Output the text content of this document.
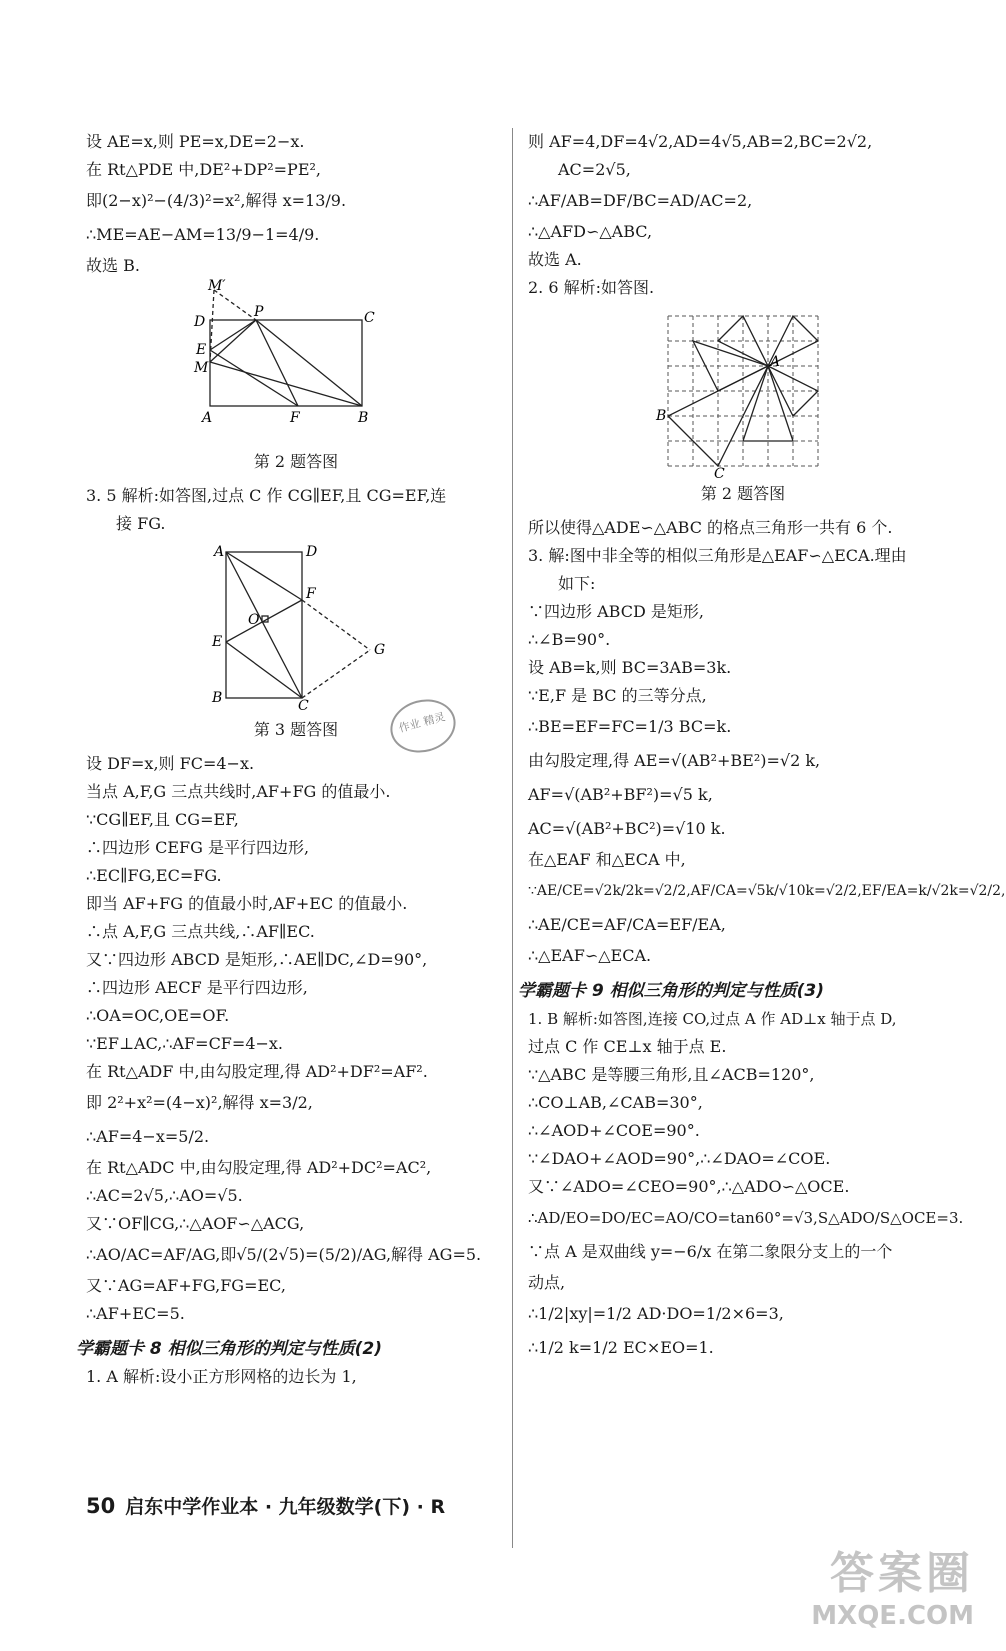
设 AE=x,则 PE=x,DE=2−x.

在 Rt△PDE 中,DE²+DP²=PE²,

即(2−x)²−(4/3)²=x²,解得 x=13/9.

∴ME=AE−AM=13/9−1=4/9.

故选 B.

M′
D
P	C
E
M
A	F	B

第 2 题答图

3. 5 解析:如答图,过点 C 作 CG∥EF,且 CG=EF,连

接 FG.

A	D
F
O
E	G
B	C

第 3 题答图

设 DF=x,则 FC=4−x.

当点 A,F,G 三点共线时,AF+FG 的值最小.

∵CG∥EF,且 CG=EF,

∴四边形 CEFG 是平行四边形,

∴EC∥FG,EC=FG.

即当 AF+FG 的值最小时,AF+EC 的值最小.

∴点 A,F,G 三点共线,∴AF∥EC.

又∵四边形 ABCD 是矩形,∴AE∥DC,∠D=90°,

∴四边形 AECF 是平行四边形,

∴OA=OC,OE=OF.

∵EF⊥AC,∴AF=CF=4−x.

在 Rt△ADF 中,由勾股定理,得 AD²+DF²=AF².

即 2²+x²=(4−x)²,解得 x=3/2,

∴AF=4−x=5/2.

在 Rt△ADC 中,由勾股定理,得 AD²+DC²=AC²,

∴AC=2√5,∴AO=√5.

又∵OF∥CG,∴△AOF∽△ACG,

∴AO/AC=AF/AG,即√5/(2√5)=(5/2)/AG,解得 AG=5.

又∵AG=AF+FG,FG=EC,

∴AF+EC=5.

学霸题卡 8 相似三角形的判定与性质(2)

1. A 解析:设小正方形网格的边长为 1,

作业 精灵

则 AF=4,DF=4√2,AD=4√5,AB=2,BC=2√2,

AC=2√5,

∴AF/AB=DF/BC=AD/AC=2,

∴△AFD∽△ABC,

故选 A.

2. 6 解析:如答图.

A
B
C

第 2 题答图

所以使得△ADE∽△ABC 的格点三角形一共有 6 个.

3. 解:图中非全等的相似三角形是△EAF∽△ECA.理由

如下:

∵四边形 ABCD 是矩形,

∴∠B=90°.

设 AB=k,则 BC=3AB=3k.

∵E,F 是 BC 的三等分点,

∴BE=EF=FC=1/3 BC=k.

由勾股定理,得 AE=√(AB²+BE²)=√2 k,

AF=√(AB²+BF²)=√5 k,

AC=√(AB²+BC²)=√10 k.

在△EAF 和△ECA 中,

∵AE/CE=√2k/2k=√2/2,AF/CA=√5k/√10k=√2/2,EF/EA=k/√2k=√2/2,

∴AE/CE=AF/CA=EF/EA,

∴△EAF∽△ECA.

学霸题卡 9 相似三角形的判定与性质(3)

1. B 解析:如答图,连接 CO,过点 A 作 AD⊥x 轴于点 D,

过点 C 作 CE⊥x 轴于点 E.

∵△ABC 是等腰三角形,且∠ACB=120°,

∴CO⊥AB,∠CAB=30°,

∴∠AOD+∠COE=90°.

∵∠DAO+∠AOD=90°,∴∠DAO=∠COE.

又∵∠ADO=∠CEO=90°,∴△ADO∽△OCE.

∴AD/EO=DO/EC=AO/CO=tan60°=√3,S△ADO/S△OCE=3.

∵点 A 是双曲线 y=−6/x 在第二象限分支上的一个

动点,

∴1/2|xy|=1/2 AD·DO=1/2×6=3,

∴1/2 k=1/2 EC×EO=1.

50 启东中学作业本 · 九年级数学(下) · R
答案圈
MXQE.COM
